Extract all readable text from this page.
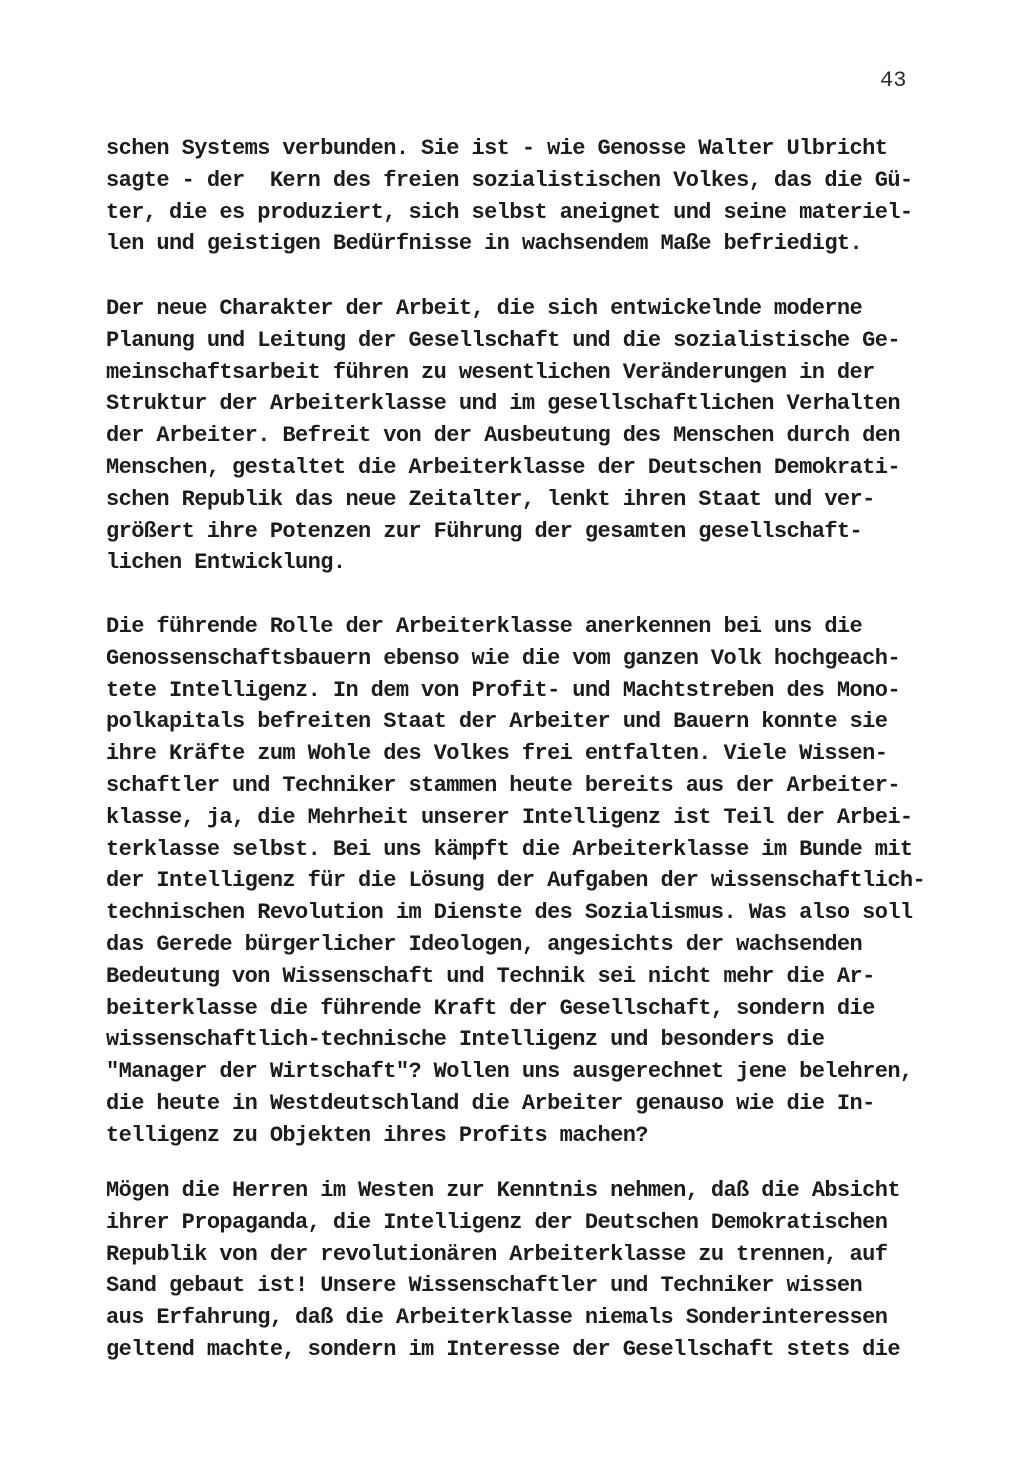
43
schen Systems verbunden. Sie ist - wie Genosse Walter Ulbricht
sagte - der  Kern des freien sozialistischen Volkes, das die Gü-
ter, die es produziert, sich selbst aneignet und seine materiel-
len und geistigen Bedürfnisse in wachsendem Maße befriedigt.
Der neue Charakter der Arbeit, die sich entwickelnde moderne
Planung und Leitung der Gesellschaft und die sozialistische Ge-
meinschaftsarbeit führen zu wesentlichen Veränderungen in der
Struktur der Arbeiterklasse und im gesellschaftlichen Verhalten
der Arbeiter. Befreit von der Ausbeutung des Menschen durch den
Menschen, gestaltet die Arbeiterklasse der Deutschen Demokrati-
schen Republik das neue Zeitalter, lenkt ihren Staat und ver-
größert ihre Potenzen zur Führung der gesamten gesellschaft-
lichen Entwicklung.
Die führende Rolle der Arbeiterklasse anerkennen bei uns die
Genossenschaftsbauern ebenso wie die vom ganzen Volk hochgeach-
tete Intelligenz. In dem von Profit- und Machtstreben des Mono-
polkapitals befreiten Staat der Arbeiter und Bauern konnte sie
ihre Kräfte zum Wohle des Volkes frei entfalten. Viele Wissen-
schaftler und Techniker stammen heute bereits aus der Arbeiter-
klasse, ja, die Mehrheit unserer Intelligenz ist Teil der Arbei-
terklasse selbst. Bei uns kämpft die Arbeiterklasse im Bunde mit
der Intelligenz für die Lösung der Aufgaben der wissenschaftlich-
technischen Revolution im Dienste des Sozialismus. Was also soll
das Gerede bürgerlicher Ideologen, angesichts der wachsenden
Bedeutung von Wissenschaft und Technik sei nicht mehr die Ar-
beiterklasse die führende Kraft der Gesellschaft, sondern die
wissenschaftlich-technische Intelligenz und besonders die
"Manager der Wirtschaft"? Wollen uns ausgerechnet jene belehren,
die heute in Westdeutschland die Arbeiter genauso wie die In-
telligenz zu Objekten ihres Profits machen?
Mögen die Herren im Westen zur Kenntnis nehmen, daß die Absicht
ihrer Propaganda, die Intelligenz der Deutschen Demokratischen
Republik von der revolutionären Arbeiterklasse zu trennen, auf
Sand gebaut ist! Unsere Wissenschaftler und Techniker wissen
aus Erfahrung, daß die Arbeiterklasse niemals Sonderinteressen
geltend machte, sondern im Interesse der Gesellschaft stets die
